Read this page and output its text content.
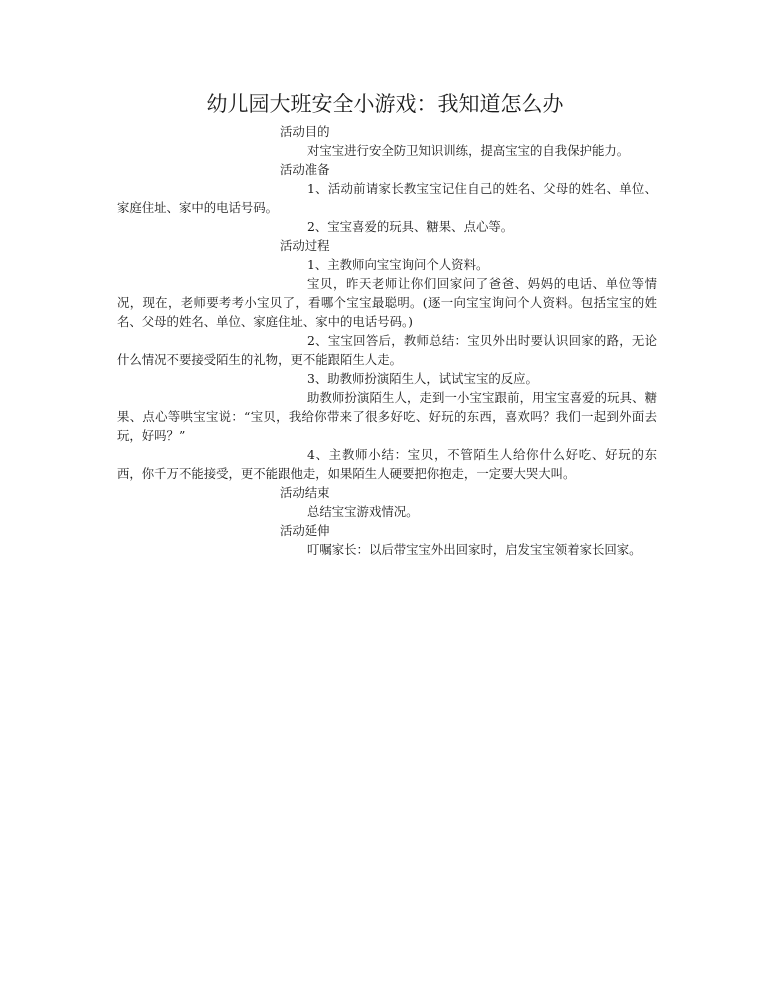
幼儿园大班安全小游戏：我知道怎么办

活动目的

对宝宝进行安全防卫知识训练，提高宝宝的自我保护能力。

活动准备

1、活动前请家长教宝宝记住自己的姓名、父母的姓名、单位、家庭住址、家中的电话号码。

2、宝宝喜爱的玩具、糖果、点心等。

活动过程

1、主教师向宝宝询问个人资料。

宝贝，昨天老师让你们回家问了爸爸、妈妈的电话、单位等情况，现在，老师要考考小宝贝了，看哪个宝宝最聪明。(逐一向宝宝询问个人资料。包括宝宝的姓名、父母的姓名、单位、家庭住址、家中的电话号码。)

2、宝宝回答后，教师总结：宝贝外出时要认识回家的路，无论什么情况不要接受陌生的礼物，更不能跟陌生人走。

3、助教师扮演陌生人，试试宝宝的反应。

助教师扮演陌生人，走到一小宝宝跟前，用宝宝喜爱的玩具、糖果、点心等哄宝宝说：“宝贝，我给你带来了很多好吃、好玩的东西，喜欢吗？我们一起到外面去玩，好吗？”

4、主教师小结：宝贝，不管陌生人给你什么好吃、好玩的东西，你千万不能接受，更不能跟他走，如果陌生人硬要把你抱走，一定要大哭大叫。

活动结束

总结宝宝游戏情况。

活动延伸

叮嘱家长：以后带宝宝外出回家时，启发宝宝领着家长回家。
